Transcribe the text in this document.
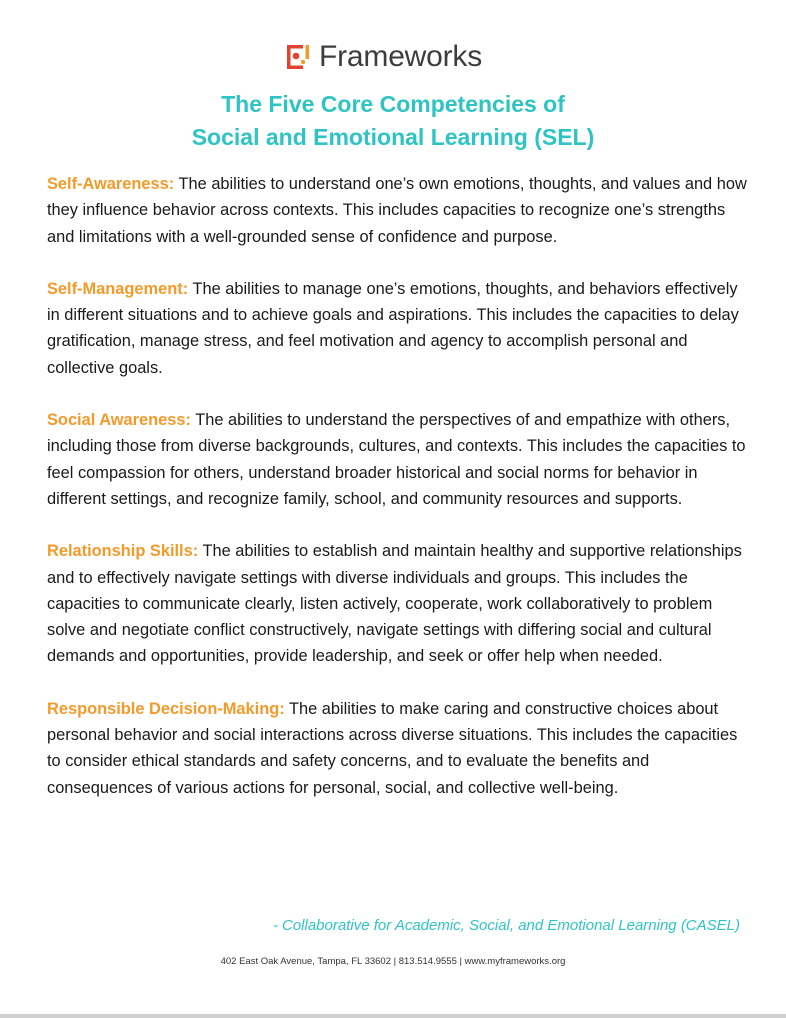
Frameworks
The Five Core Competencies of
Social and Emotional Learning (SEL)

Self-Awareness: The abilities to understand one’s own emotions, thoughts, and values and how they influence behavior across contexts. This includes capacities to recognize one’s strengths and limitations with a well-grounded sense of confidence and purpose.

Self-Management: The abilities to manage one’s emotions, thoughts, and behaviors effectively in different situations and to achieve goals and aspirations. This includes the capacities to delay gratification, manage stress, and feel motivation and agency to accomplish personal and collective goals.

Social Awareness: The abilities to understand the perspectives of and empathize with others, including those from diverse backgrounds, cultures, and contexts. This includes the capacities to feel compassion for others, understand broader historical and social norms for behavior in different settings, and recognize family, school, and community resources and supports.

Relationship Skills: The abilities to establish and maintain healthy and supportive relationships and to effectively navigate settings with diverse individuals and groups. This includes the capacities to communicate clearly, listen actively, cooperate, work collaboratively to problem solve and negotiate conflict constructively, navigate settings with differing social and cultural demands and opportunities, provide leadership, and seek or offer help when needed.

Responsible Decision-Making: The abilities to make caring and constructive choices about personal behavior and social interactions across diverse situations. This includes the capacities to consider ethical standards and safety concerns, and to evaluate the benefits and consequences of various actions for personal, social, and collective well-being.

- Collaborative for Academic, Social, and Emotional Learning (CASEL)
402 East Oak Avenue, Tampa, FL 33602 | 813.514.9555 | www.myframeworks.org
